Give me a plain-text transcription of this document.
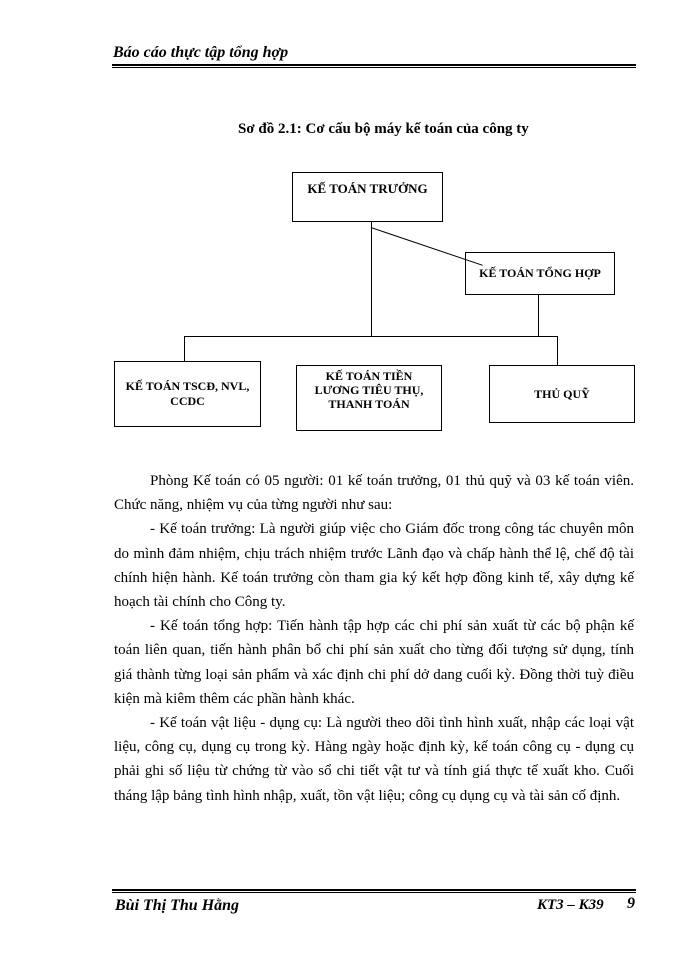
Báo cáo thực tập tổng hợp
Sơ đồ 2.1: Cơ cấu bộ máy kế toán của công ty
KẾ TOÁN TRƯỞNG
KẾ TOÁN TỔNG HỢP
KẾ TOÁN TSCĐ, NVL, CCDC
KẾ TOÁN TIỀN LƯƠNG TIÊU THỤ, THANH TOÁN
THỦ QUỸ

Phòng Kế toán có 05 người: 01 kế toán trưởng, 01 thủ quỹ và 03 kế toán viên. Chức năng, nhiệm vụ của từng người như sau:

- Kế toán trưởng: Là người giúp việc cho Giám đốc trong công tác chuyên môn do mình đảm nhiệm, chịu trách nhiệm trước Lãnh đạo và chấp hành thể lệ, chế độ tài chính hiện hành. Kế toán trưởng còn tham gia ký kết hợp đồng kinh tế, xây dựng kế hoạch tài chính cho Công ty.

- Kế toán tổng hợp: Tiến hành tập hợp các chi phí sản xuất từ các bộ phận kế toán liên quan, tiến hành phân bổ chi phí sản xuất cho từng đối tượng sử dụng, tính giá thành từng loại sản phẩm và xác định chi phí dở dang cuối kỳ. Đồng thời tuỳ điều kiện mà kiêm thêm các phần hành khác.

- Kế toán vật liệu - dụng cụ: Là người theo dõi tình hình xuất, nhập các loại vật liệu, công cụ, dụng cụ trong kỳ. Hàng ngày hoặc định kỳ, kế toán công cụ - dụng cụ phải ghi số liệu từ chứng từ vào sổ chi tiết vật tư và tính giá thực tế xuất kho. Cuối tháng lập bảng tình hình nhập, xuất, tồn vật liệu; công cụ dụng cụ và tài sản cố định.

Bùi Thị Thu Hằng	KT3 – K39 9
